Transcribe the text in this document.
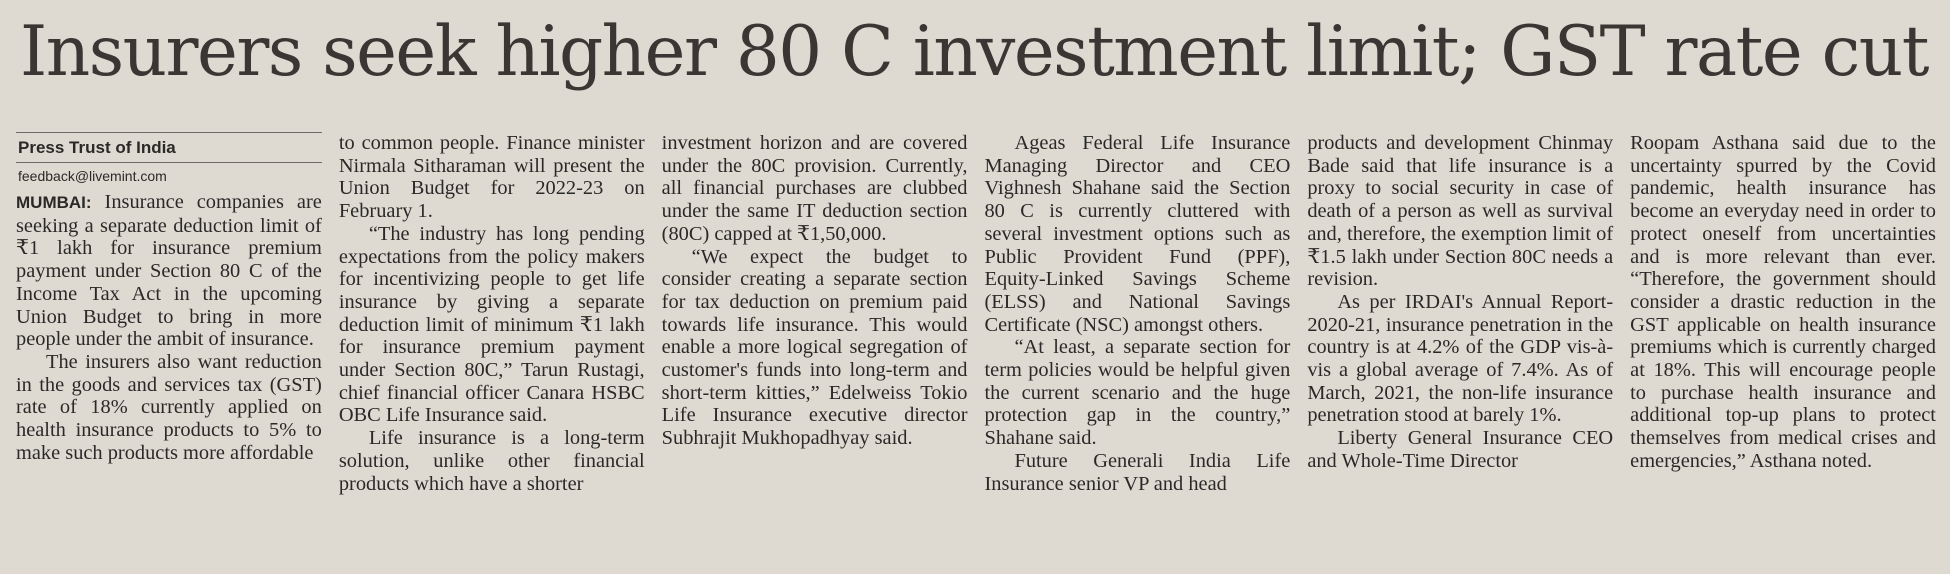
Insurers seek higher 80 C investment limit; GST rate cut
Press Trust of India
feedback@livemint.com

MUMBAI: Insurance companies are seeking a separate deduction limit of ₹1 lakh for insurance premium payment under Section 80 C of the Income Tax Act in the upcoming Union Budget to bring in more people under the ambit of insurance.

The insurers also want reduction in the goods and services tax (GST) rate of 18% currently applied on health insurance products to 5% to make such products more affordable

to common people. Finance minister Nirmala Sitharaman will present the Union Budget for 2022-23 on February 1.

“The industry has long pending expectations from the policy makers for incentivizing people to get life insurance by giving a separate deduction limit of minimum ₹1 lakh for insurance premium payment under Section 80C,” Tarun Rustagi, chief financial officer Canara HSBC OBC Life Insurance said.

Life insurance is a long-term solution, unlike other financial products which have a shorter

investment horizon and are covered under the 80C provision. Currently, all financial purchases are clubbed under the same IT deduction section (80C) capped at ₹1,50,000.

“We expect the budget to consider creating a separate section for tax deduction on premium paid towards life insurance. This would enable a more logical segregation of customer's funds into long-term and short-term kitties,” Edelweiss Tokio Life Insurance executive director Subhrajit Mukhopadhyay said.

Ageas Federal Life Insurance Managing Director and CEO Vighnesh Shahane said the Section 80 C is currently cluttered with several investment options such as Public Provident Fund (PPF), Equity-Linked Savings Scheme (ELSS) and National Savings Certificate (NSC) amongst others.

“At least, a separate section for term policies would be helpful given the current scenario and the huge protection gap in the country,” Shahane said.

Future Generali India Life Insurance senior VP and head

products and development Chinmay Bade said that life insurance is a proxy to social security in case of death of a person as well as survival and, therefore, the exemption limit of ₹1.5 lakh under Section 80C needs a revision.

As per IRDAI's Annual Report-2020-21, insurance penetration in the country is at 4.2% of the GDP vis-à-vis a global average of 7.4%. As of March, 2021, the non-life insurance penetration stood at barely 1%.

Liberty General Insurance CEO and Whole-Time Director

Roopam Asthana said due to the uncertainty spurred by the Covid pandemic, health insurance has become an everyday need in order to protect oneself from uncertainties and is more relevant than ever. “Therefore, the government should consider a drastic reduction in the GST applicable on health insurance premiums which is currently charged at 18%. This will encourage people to purchase health insurance and additional top-up plans to protect themselves from medical crises and emergencies,” Asthana noted.
